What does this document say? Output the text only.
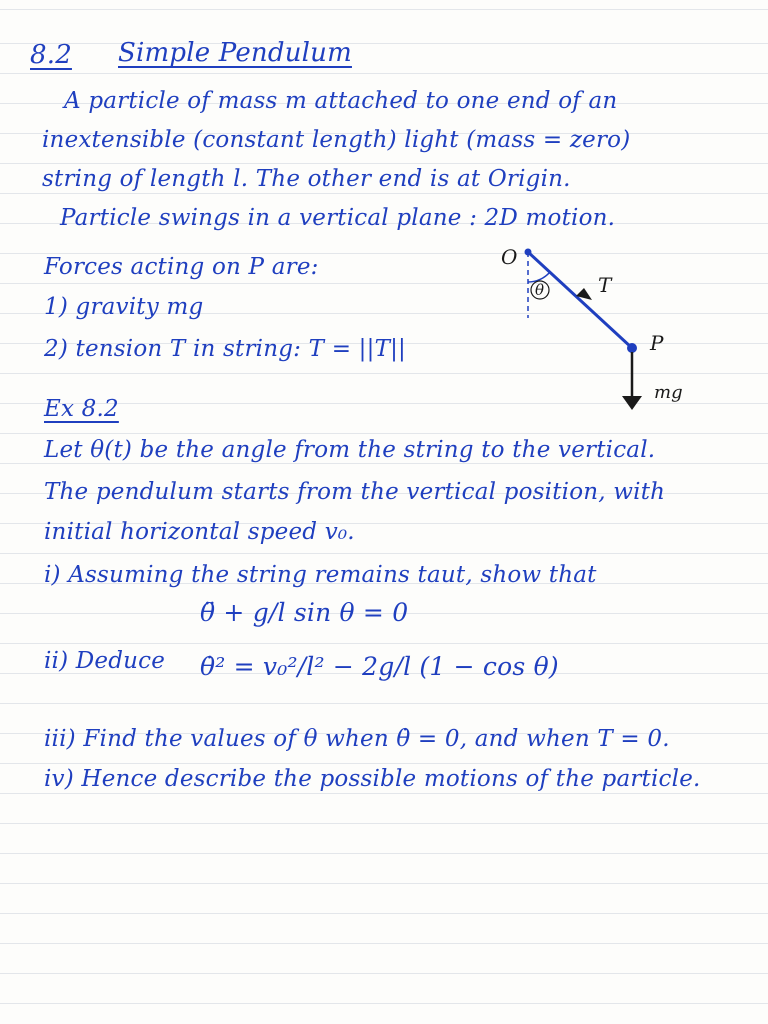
8.2 Simple Pendulum
A particle of mass m attached to one end of an
inextensible (constant length) light (mass = zero)
string of length l. The other end is at Origin.
Particle swings in a vertical plane : 2D motion.
Forces acting on P are:
1) gravity mg
2) tension T in string: T = ||T||
Ex 8.2
Let θ(t) be the angle from the string to the vertical.
The pendulum starts from the vertical position, with
initial horizontal speed v₀.
i) Assuming the string remains taut, show that
θ̈ + g/l sin θ = 0
ii) Deduce θ̇² = v₀²/l² − 2g/l (1 − cos θ)
iii) Find the values of θ when θ̇ = 0, and when T = 0.
iv) Hence describe the possible motions of the particle.
O
θ	T
P
mg
